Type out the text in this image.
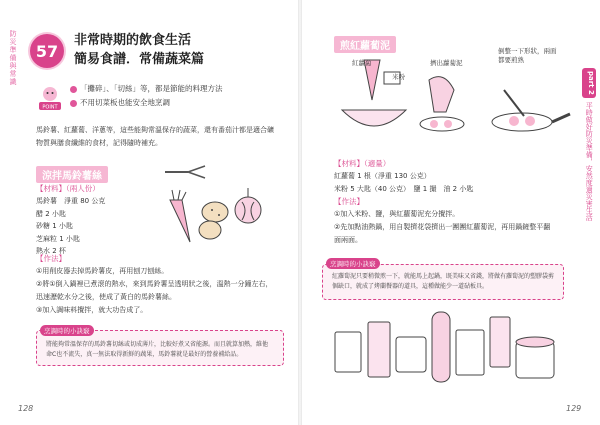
防災準備與常識	57
非常時期的飲食生活
簡易食譜．常備蔬菜篇
POINT
「攤碎」、「切絲」等，都是節能的料理方法
不用切菜板也能安全地烹調
馬鈴薯、紅蘿蔔、洋蔥等，這些能夠常溫保存的蔬菜，還有番茄汁都是適合礦物質與膳食纖維的食材，記得隨時補充。
涼拌馬鈴薯絲
【材料】（兩人份）
馬鈴薯　淨重 80 公克
醋 2 小匙
砂糖 1 小匙
芝麻粒 1 小匙
熱水 2 杯
【作法】
①用削皮器去掉馬鈴薯皮，再用刨刀刨絲。
②將①倒入鍋裡已煮滾的熱水，來到馬鈴薯呈透明狀之後，溫熱一分鐘左右，迅速瀝乾水分之後，使成了黃白的馬鈴薯絲。
③加入調味料攪拌，就大功告成了。
烹調時的小訣竅
將能夠常溫保存的馬鈴薯切絲或切成薄片，比較好煮又省能源。而且就算加熱，維他命C也不流失，真一無法取得新鮮的蔬果，馬鈴薯就是最好的營養補給品。
128
part 2
平時做好防災準備，安然度過災害生活
煎紅蘿蔔泥
紅蘿蔔
米粉
擠出蘿蔔泥
倒整一下形狀，兩面都要煎熟
【材料】（適量）
紅蘿蔔 1 根（淨重 130 公克）
米粉 5 大匙（40 公克）　鹽 1 撮　油 2 小匙
【作法】
①加入米粉、鹽，與紅蘿蔔泥充分攪拌。
②先加點油熱鍋，用自製擠花袋擠出一團團紅蘿蔔泥，再用鍋鏟整平翻面兩面。
烹調時的小訣竅
紅蘿蔔泥只要稍微煎一下，就能馬上起鍋，既美味又省錢，將做有蘿蔔泥的塑膠袋剪個缺口，就成了烤蘭餐器的道具，這種做能少一道砧板具。
129
